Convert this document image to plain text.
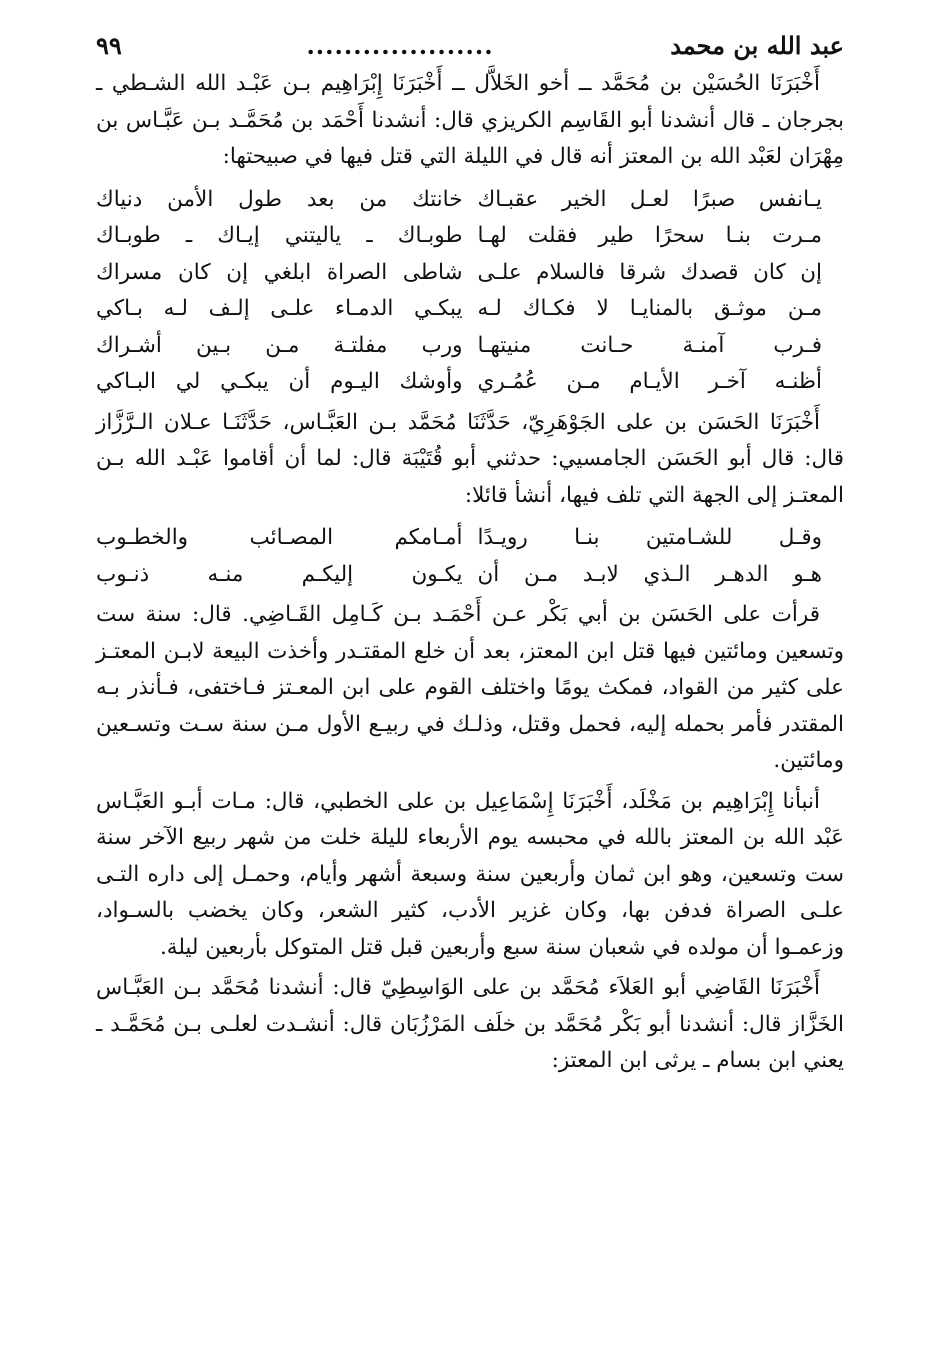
عبد الله بن محمد
....................
٩٩

أَخْبَرَنَا الحُسَيْن بن مُحَمَّد ــ أخو الخَلاَّل ــ أَخْبَرَنَا إِبْرَاهِيم بـن عَبْـد الله الشـطي ـ بجرجان ـ قال أنشدنا أبو القَاسِم الكريزي قال: أنشدنا أَحْمَد بن مُحَمَّـد بـن عَبَّـاس بن مِهْرَان لعَبْد الله بن المعتز أنه قال في الليلة التي قتل فيها في صبيحتها:

يـانفس صبرًا لعـل الخير عقبـاك
خانتك من بعد طول الأمن دنياك
مـرت بنـا سحرًا طير فقلت لهـا
طوبـاك ـ ياليتني إيـاك ـ طوبـاك
إن كان قصدك شرقا فالسلام علـى
شاطى الصراة ابلغي إن كان مسراك
مـن موثـق بالمنايـا لا فكـاك لـه
يبكـي الدمـاء علـى إلـف لـه بـاكي
فـرب آمنـة حـانت منيتهـا
ورب مفلتـة مـن بـين أشـراك
أظنـه آخـر الأيـام مـن عُمُـري
وأوشك اليـوم أن يبكـي لي البـاكي

أَخْبَرَنَا الحَسَن بن على الجَوْهَرِيّ، حَدَّثَنَا مُحَمَّد بـن العَبَّـاس، حَدَّثَنَـا عـلان الـرَّزَّاز قال: قال أبو الحَسَن الجامسيي: حدثني أبو قُتَيْبَة قال: لما أن أقاموا عَبْـد الله بـن المعتـز إلى الجهة التي تلف فيها، أنشأ قائلا:

وقـل للشـامتين بنـا رويـدًا
أمـامكم المصـائب والخطـوب
هـو الدهـر الـذي لابـد مـن أن
يكـون إليكـم منـه ذنـوب

قرأت على الحَسَن بن أبي بَكْر عـن أَحْمَـد بـن كَـامِل القَـاضِي. قال: سنة ست وتسعين ومائتين فيها قتل ابن المعتز، بعد أن خلع المقتـدر وأخذت البيعة لابـن المعتـز على كثير من القواد، فمكث يومًا واختلف القوم على ابن المعـتز فـاختفى، فـأنذر بـه المقتدر فأمر بحمله إليه، فحمل وقتل، وذلـك في ربيـع الأول مـن سنة سـت وتسـعين ومائتين.

أنبأنا إِبْرَاهِيم بن مَخْلَد، أَخْبَرَنَا إِسْمَاعِيل بن على الخطبي، قال: مـات أبـو العَبَّـاس عَبْد الله بن المعتز بالله في محبسه يوم الأربعاء لليلة خلت من شهر ربيع الآخر سنة ست وتسعين، وهو ابن ثمان وأربعين سنة وسبعة أشهر وأيام، وحمـل إلى داره التـى علـى الصراة فدفن بها، وكان غزير الأدب، كثير الشعر، وكان يخضب بالسـواد، وزعمـوا أن مولده في شعبان سنة سبع وأربعين قبل قتل المتوكل بأربعين ليلة.

أَخْبَرَنَا القَاضِي أبو العَلاَء مُحَمَّد بن على الوَاسِطِيّ قال: أنشدنا مُحَمَّد بـن العَبَّـاس الخَزَّاز قال: أنشدنا أبو بَكْر مُحَمَّد بن خلَف المَرْزُبَان قال: أنشـدت لعلـى بـن مُحَمَّـد ـ يعني ابن بسام ـ يرثى ابن المعتز:
